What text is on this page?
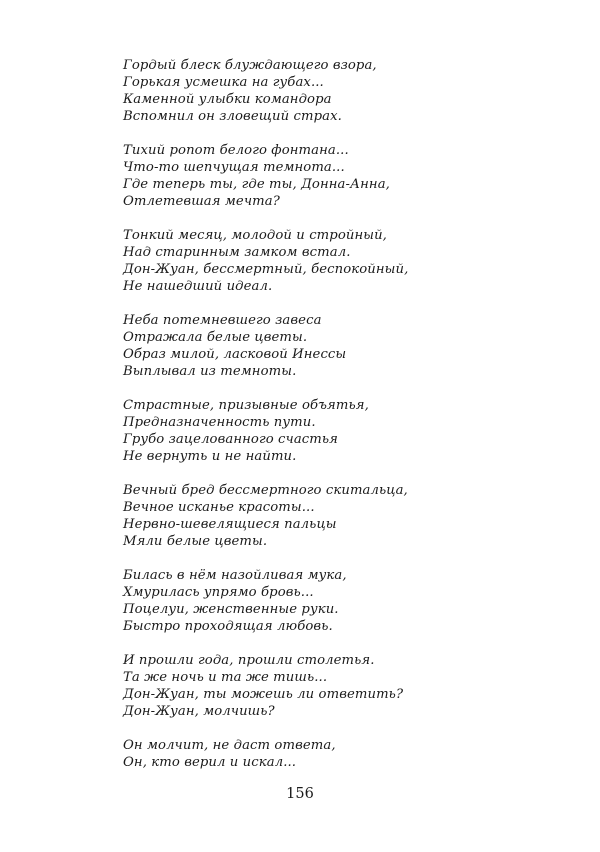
Гордый блеск блуждающего взора,
Горькая усмешка на губах...
Каменной улыбки командора
Вспомнил он зловещий страх.
Тихий ропот белого фонтана...
Что-то шепчущая темнота...
Где теперь ты, где ты, Донна-Анна,
Отлетевшая мечта?
Тонкий месяц, молодой и стройный,
Над старинным замком встал.
Дон-Жуан, бессмертный, беспокойный,
Не нашедший идеал.
Неба потемневшего завеса
Отражала белые цветы.
Образ милой, ласковой Инессы
Выплывал из темноты.
Страстные, призывные объятья,
Предназначенность пути.
Грубо зацелованного счастья
Не вернуть и не найти.
Вечный бред бессмертного скитальца,
Вечное исканье красоты...
Нервно-шевелящиеся пальцы
Мяли белые цветы.
Билась в нём назойливая мука,
Хмурилась упрямо бровь...
Поцелуи, женственные руки.
Быстро проходящая любовь.
И прошли года, прошли столетья.
Та же ночь и та же тишь...
Дон-Жуан, ты можешь ли ответить?
Дон-Жуан, молчишь?
Он молчит, не даст ответа,
Он, кто верил и искал...
156
